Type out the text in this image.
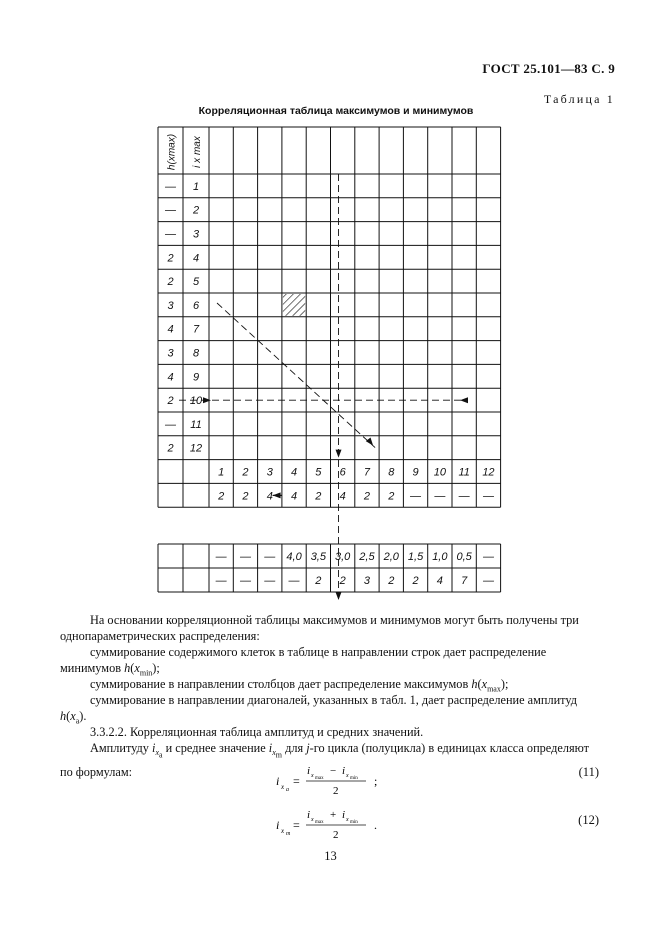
ГОСТ 25.101—83 С. 9
Таблица 1
Корреляционная таблица максимумов и минимумов
h(xmax) i x max
— 1
— 2
— 3
2 4
2 5
3 6
4 7
3 8
4 9
2 10
— 11
2 12
1 2 3 4 5 6 7 8 9 10 11 12
2 2 4 4 2 4 2 2 — — — —
— — — 4,0 3,5 3,0 2,5 2,0 1,5 1,0 0,5 —
— — — — 2 2 3 2 2 4 7 —
На основании корреляционной таблицы максимумов и минимумов могут быть получены три однопараметрических распределения:
суммирование содержимого клеток в таблице в направлении строк дает распределение минимумов $h(x_{min})$;
суммирование в направлении столбцов дает распределение максимумов $h(x_{max})$;
суммирование в направлении диагоналей, указанных в табл. 1, дает распределение амплитуд $h(x_a)$.
3.3.2.2. Корреляционная таблица амплитуд и средних значений.
Амплитуду $i_{x_a}$ и среднее значение $i_{x_m}$ для j-го цикла (полуцикла) в единицах класса определяют по формулам:
i x a
=
i x max
− i x min
2
;
(11)
i x m
=
i x max
+ i x min
2
.	(12)
13
